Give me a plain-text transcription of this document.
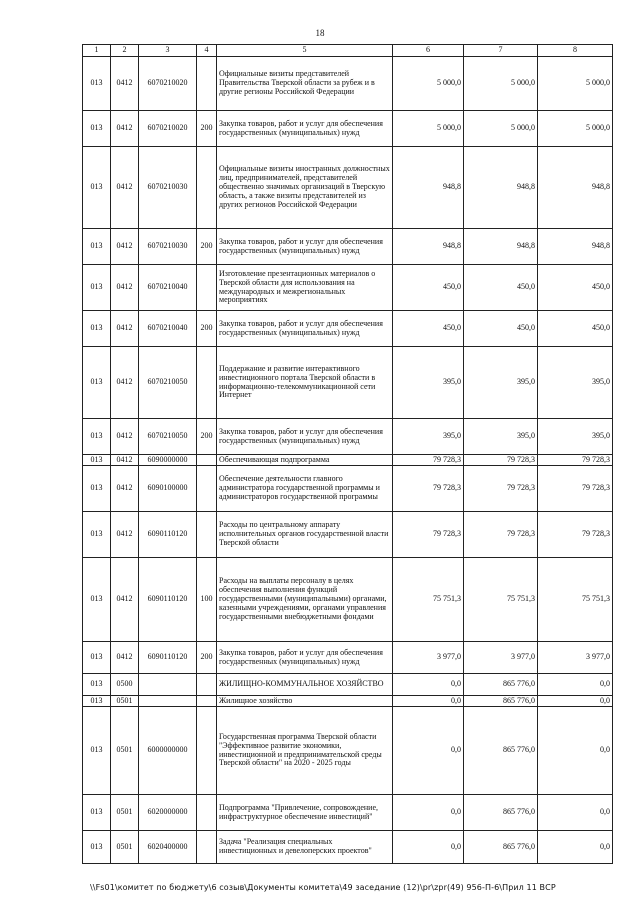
18
1	2	3	4	5	6	7	8
013	0412	6070210020		Официальные визиты представителей Правительства Тверской области за рубеж и в другие регионы Российской Федерации	5 000,0	5 000,0	5 000,0
013	0412	6070210020	200	Закупка товаров, работ и услуг для обеспечения государственных (муниципальных) нужд	5 000,0	5 000,0	5 000,0
013	0412	6070210030		Официальные визиты иностранных должностных лиц, предпринимателей, представителей общественно значимых организаций в Тверскую область, а также визиты представителей из других регионов Российской Федерации	948,8	948,8	948,8
013	0412	6070210030	200	Закупка товаров, работ и услуг для обеспечения государственных (муниципальных) нужд	948,8	948,8	948,8
013	0412	6070210040		Изготовление презентационных материалов о Тверской области для использования на международных и межрегиональных мероприятиях	450,0	450,0	450,0
013	0412	6070210040	200	Закупка товаров, работ и услуг для обеспечения государственных (муниципальных) нужд	450,0	450,0	450,0
013	0412	6070210050		Поддержание и развитие интерактивного инвестиционного портала Тверской области в информационно-телекоммуникационной сети Интернет	395,0	395,0	395,0
013	0412	6070210050	200	Закупка товаров, работ и услуг для обеспечения государственных (муниципальных) нужд	395,0	395,0	395,0
013	0412	6090000000		Обеспечивающая подпрограмма	79 728,3	79 728,3	79 728,3
013	0412	6090100000		Обеспечение деятельности главного администратора государственной программы и администраторов государственной программы	79 728,3	79 728,3	79 728,3
013	0412	6090110120		Расходы по центральному аппарату исполнительных органов государственной власти Тверской области	79 728,3	79 728,3	79 728,3
013	0412	6090110120	100	Расходы на выплаты персоналу в целях обеспечения выполнения функций государственными (муниципальными) органами, казенными учреждениями, органами управления государственными внебюджетными фондами	75 751,3	75 751,3	75 751,3
013	0412	6090110120	200	Закупка товаров, работ и услуг для обеспечения государственных (муниципальных) нужд	3 977,0	3 977,0	3 977,0
013	0500			ЖИЛИЩНО-КОММУНАЛЬНОЕ ХОЗЯЙСТВО	0,0	865 776,0	0,0
013	0501			Жилищное хозяйство	0,0	865 776,0	0,0
013	0501	6000000000		Государственная программа Тверской области "Эффективное развитие экономики, инвестиционной и предпринимательской среды Тверской области" на 2020 - 2025 годы	0,0	865 776,0	0,0
013	0501	6020000000		Подпрограмма "Привлечение, сопровождение, инфраструктурное обеспечение инвестиций"	0,0	865 776,0	0,0
013	0501	6020400000		Задача "Реализация специальных инвестиционных и девелоперских проектов"	0,0	865 776,0	0,0
\\Fs01\комитет по бюджету\6 созыв\Документы комитета\49 заседание (12)\pr\zpr(49) 956-П-6\Прил 11 ВСР
